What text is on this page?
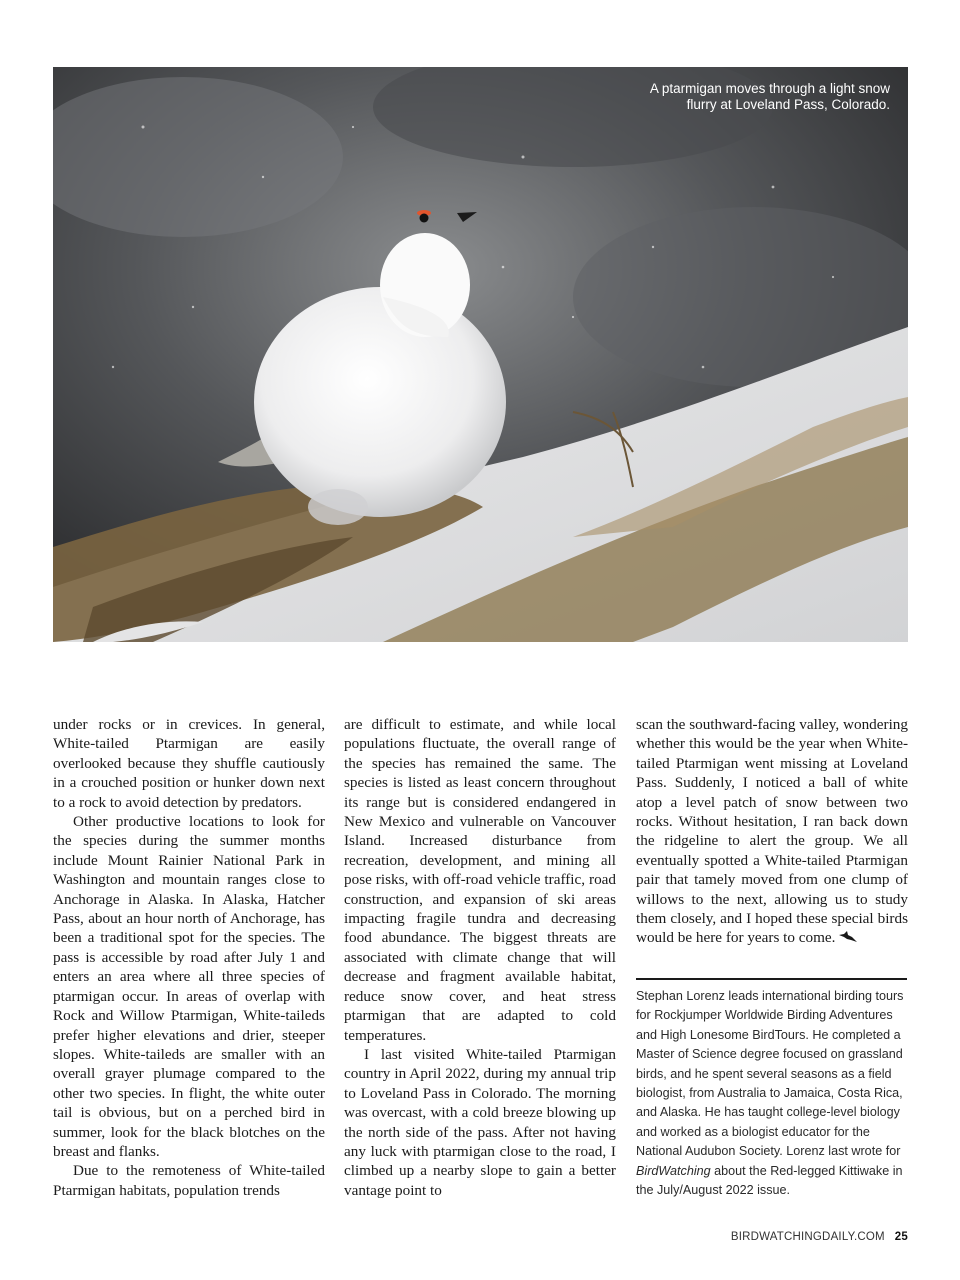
A ptarmigan moves through a light snow flurry at Loveland Pass, Colorado.

under rocks or in crevices. In general, White-tailed Ptarmigan are easily overlooked because they shuffle cautiously in a crouched position or hunker down next to a rock to avoid detection by predators.

Other productive locations to look for the species during the summer months include Mount Rainier National Park in Washington and mountain ranges close to Anchorage in Alaska. In Alaska, Hatcher Pass, about an hour north of Anchorage, has been a traditional spot for the species. The pass is accessible by road after July 1 and enters an area where all three species of ptarmigan occur. In areas of overlap with Rock and Willow Ptarmigan, White-taileds prefer higher elevations and drier, steeper slopes. White-taileds are smaller with an overall grayer plumage compared to the other two species. In flight, the white outer tail is obvious, but on a perched bird in summer, look for the black blotches on the breast and flanks.

Due to the remoteness of White-tailed Ptarmigan habitats, population trends

are difficult to estimate, and while local populations fluctuate, the overall range of the species has remained the same. The species is listed as least concern throughout its range but is considered endangered in New Mexico and vulnerable on Vancouver Island. Increased disturbance from recreation, development, and mining all pose risks, with off-road vehicle traffic, road construction, and expansion of ski areas impacting fragile tundra and decreasing food abundance. The biggest threats are associated with climate change that will decrease and fragment available habitat, reduce snow cover, and heat stress ptarmigan that are adapted to cold temperatures.

I last visited White-tailed Ptarmigan country in April 2022, during my annual trip to Loveland Pass in Colorado. The morning was overcast, with a cold breeze blowing up the north side of the pass. After not having any luck with ptarmigan close to the road, I climbed up a nearby slope to gain a better vantage point to

scan the southward-facing valley, wondering whether this would be the year when White-tailed Ptarmigan went missing at Loveland Pass. Suddenly, I noticed a ball of white atop a level patch of snow between two rocks. Without hesitation, I ran back down the ridgeline to alert the group. We all eventually spotted a White-tailed Ptarmigan pair that tamely moved from one clump of willows to the next, allowing us to study them closely, and I hoped these special birds would be here for years to come.

Stephan Lorenz leads international birding tours for Rockjumper Worldwide Birding Adventures and High Lonesome BirdTours. He completed a Master of Science degree focused on grassland birds, and he spent several seasons as a field biologist, from Australia to Jamaica, Costa Rica, and Alaska. He has taught college-level biology and worked as a biologist educator for the National Audubon Society. Lorenz last wrote for BirdWatching about the Red-legged Kittiwake in the July/August 2022 issue.
BIRDWATCHINGDAILY.COM 25
